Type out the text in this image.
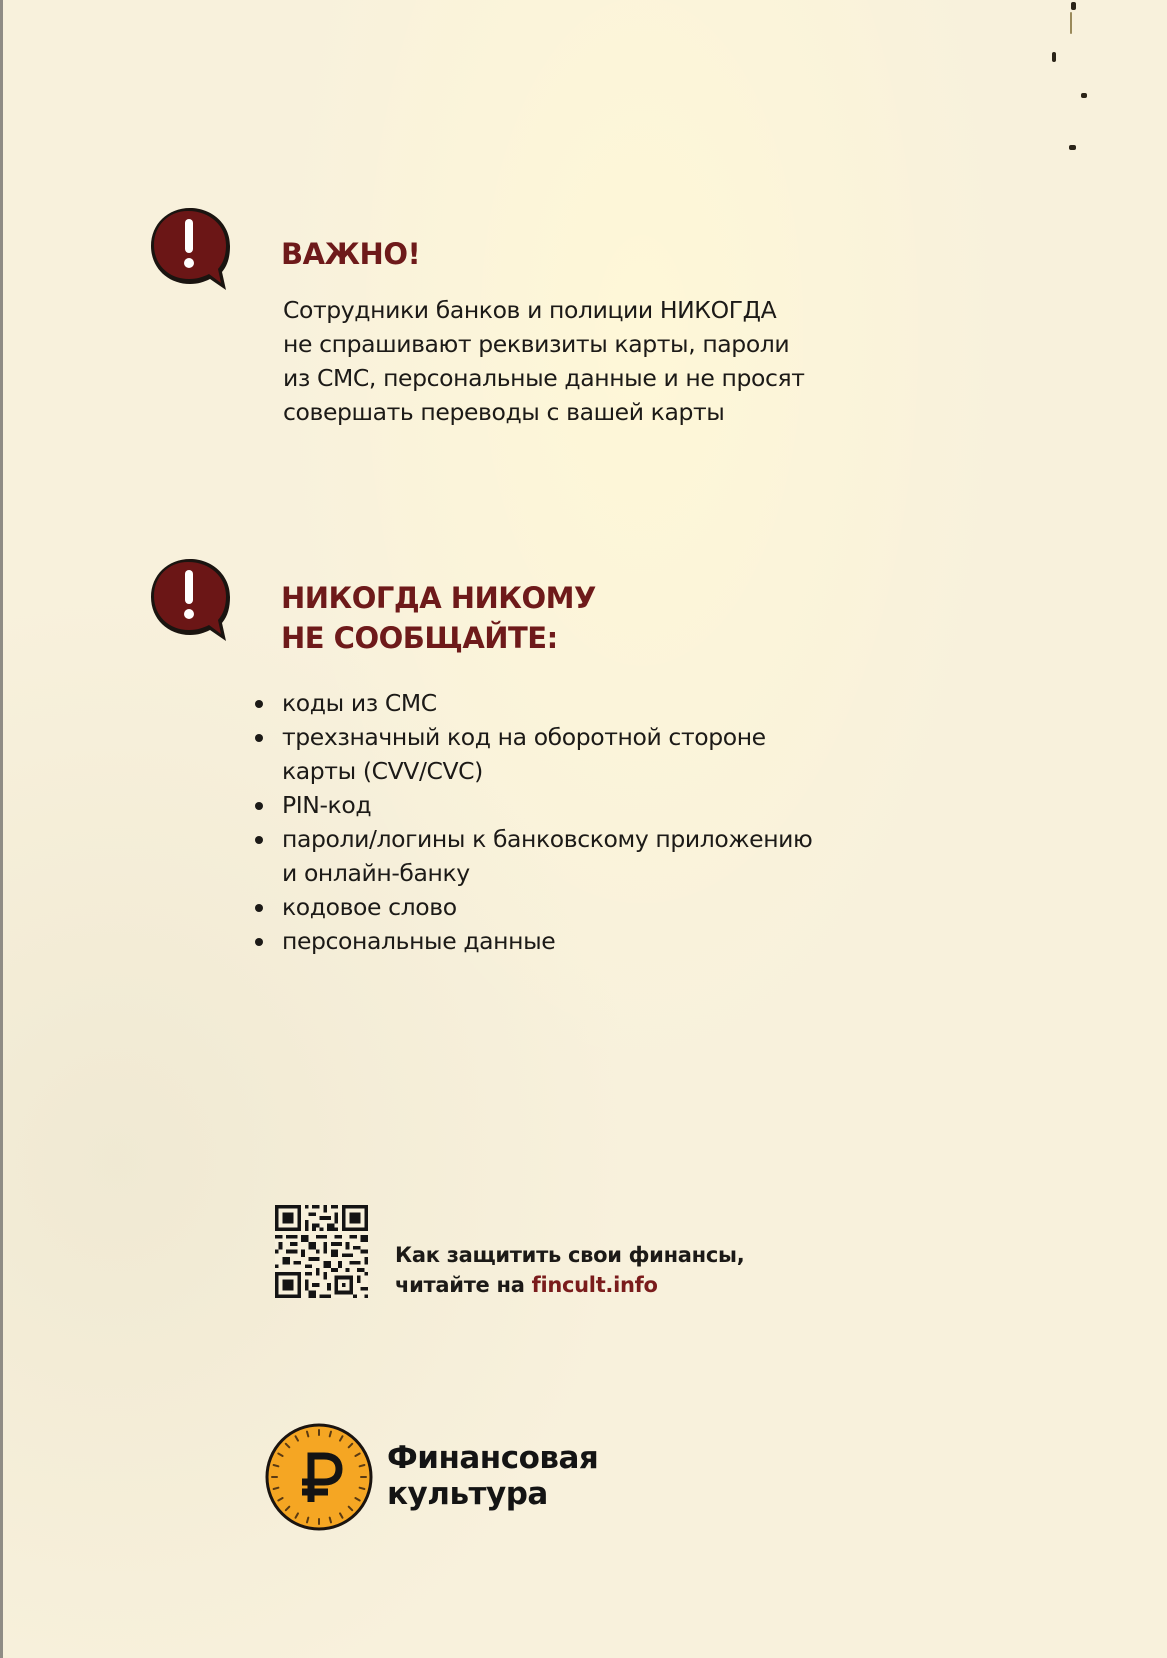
ВАЖНО!

Сотрудники банков и полиции НИКОГДА
не спрашивают реквизиты карты, пароли
из СМС, персональные данные и не просят
совершать переводы с вашей карты

НИКОГДА НИКОМУ
НЕ СООБЩАЙТЕ:
коды из СМС
трехзначный код на оборотной стороне
карты (CVV/CVC)
PIN-код
пароли/логины к банковскому приложению
и онлайн-банку
кодовое слово
персональные данные

Как защитить свои финансы,
читайте на fincult.info

Финансовая
культура
